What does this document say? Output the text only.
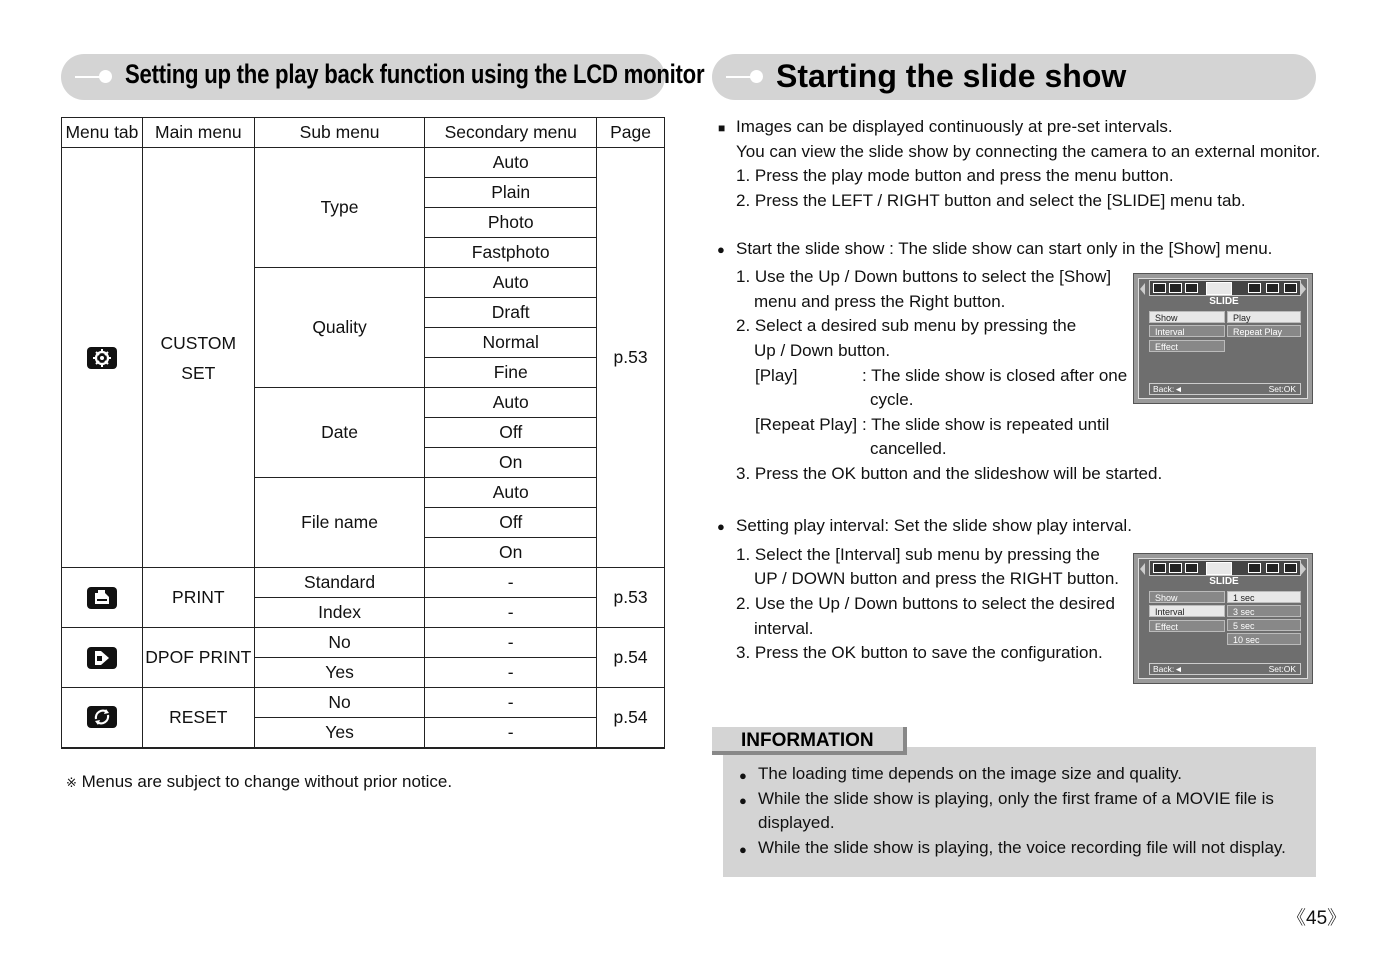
Setting up the play back function using the LCD monitor Starting the slide show
Menu tab	Main menu	Sub menu	Secondary menu	Page

	CUSTOM SET	Type	Auto	p.53
			Plain	
			Photo	
			Fastphoto	
		Quality	Auto	
			Draft	
			Normal	
			Fine	
		Date	Auto	
			Off	
			On	
		File name	Auto	
			Off	
			On	

	PRINT	Standard	-	p.53
		Index	-	

	DPOF PRINT	No	-	p.54
		Yes	-	

	RESET	No	-	p.54
		Yes	-	
※ Menus are subject to change without prior notice.
■ Images can be displayed continuously at pre-set intervals.
You can view the slide show by connecting the camera to an external monitor.
1. Press the play mode button and press the menu button.
2. Press the LEFT / RIGHT button and select the [SLIDE] menu tab.
● Start the slide show : The slide show can start only in the [Show] menu.
1. Use the Up / Down buttons to select the [Show]
menu and press the Right button.
2. Select a desired sub menu by pressing the
Up / Down button.
[Play]	: The slide show is closed after one
cycle.
[Repeat Play] : The slide show is repeated until
cancelled.
3. Press the OK button and the slideshow will be started.
● Setting play interval: Set the slide show play interval.
1. Select the [Interval] sub menu by pressing the
UP / DOWN button and press the RIGHT button.
2. Use the Up / Down buttons to select the desired
interval.
3. Press the OK button to save the configuration.
SLIDE
Show
Interval
Effect
Play
Repeat Play
Back:◄	Set:OK
SLIDE
Show
Interval
Effect
1 sec
3 sec
5 sec
10 sec
Back:◄	Set:OK
INFORMATION
● The loading time depends on the image size and quality.
● While the slide show is playing, only the first frame of a MOVIE file is
displayed.
● While the slide show is playing, the voice recording file will not display.
《45》
